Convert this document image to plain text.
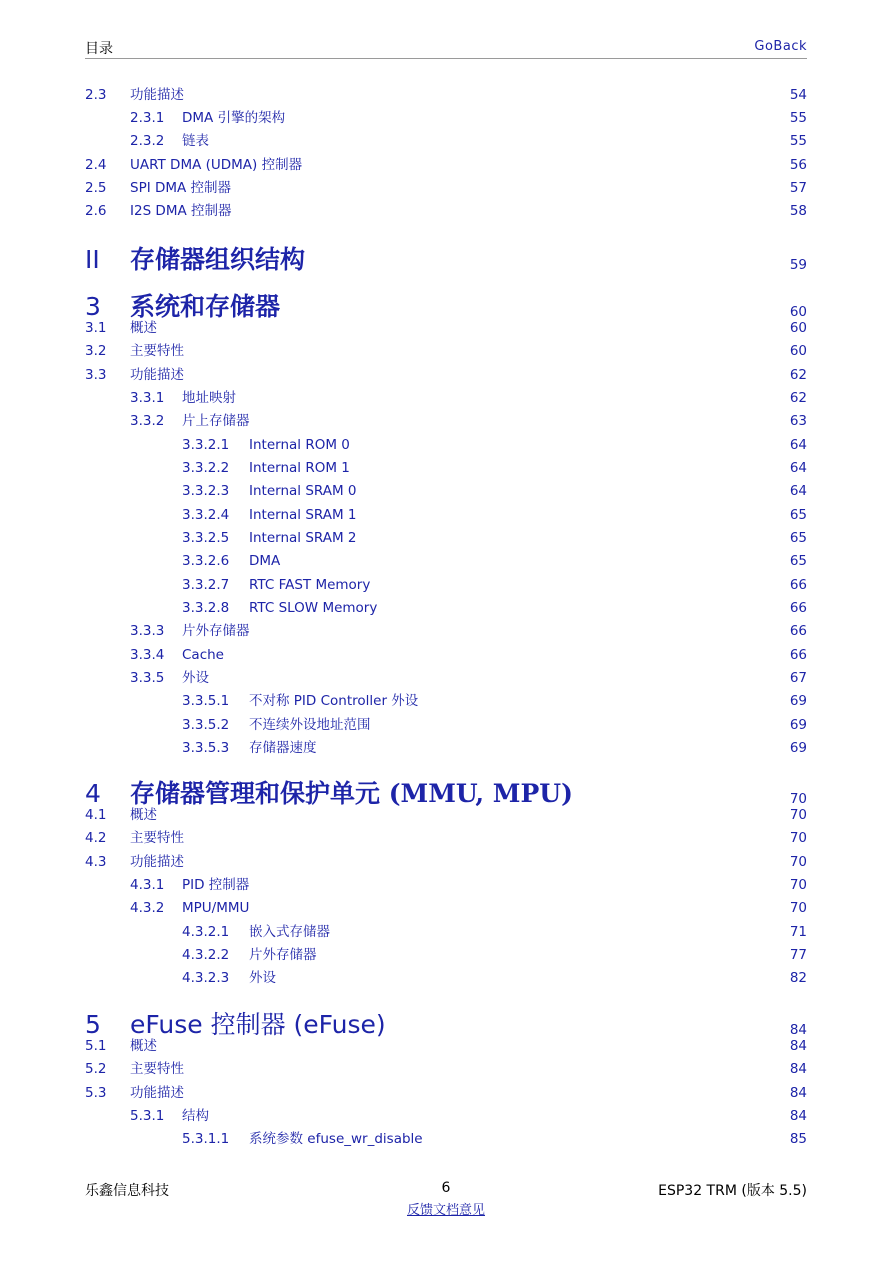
目录	GoBack
2.3 功能描述	54
2.3.1 DMA 引擎的架构	55
2.3.2 链表	55
2.4 UART DMA (UDMA) 控制器	56
2.5 SPI DMA 控制器	57
2.6 I2S DMA 控制器	58
II 存储器组织结构	59
3 系统和存储器	60
3.1 概述	60
3.2 主要特性	60
3.3 功能描述	62
3.3.1 地址映射	62
3.3.2 片上存储器	63
3.3.2.1 Internal ROM 0	64
3.3.2.2 Internal ROM 1	64
3.3.2.3 Internal SRAM 0	64
3.3.2.4 Internal SRAM 1	65
3.3.2.5 Internal SRAM 2	65
3.3.2.6 DMA	65
3.3.2.7 RTC FAST Memory	66
3.3.2.8 RTC SLOW Memory	66
3.3.3 片外存储器	66
3.3.4 Cache	66
3.3.5 外设	67
3.3.5.1 不对称 PID Controller 外设	69
3.3.5.2 不连续外设地址范围	69
3.3.5.3 存储器速度	69
4 存储器管理和保护单元 (MMU, MPU)	70
4.1 概述	70
4.2 主要特性	70
4.3 功能描述	70
4.3.1 PID 控制器	70
4.3.2 MPU/MMU	70
4.3.2.1 嵌入式存储器	71
4.3.2.2 片外存储器	77
4.3.2.3 外设	82
5 eFuse 控制器 (eFuse)	84
5.1 概述	84
5.2 主要特性	84
5.3 功能描述	84
5.3.1 结构	84
5.3.1.1 系统参数 efuse_wr_disable	85
乐鑫信息科技	6	ESP32 TRM (版本 5.5)
反馈文档意见
